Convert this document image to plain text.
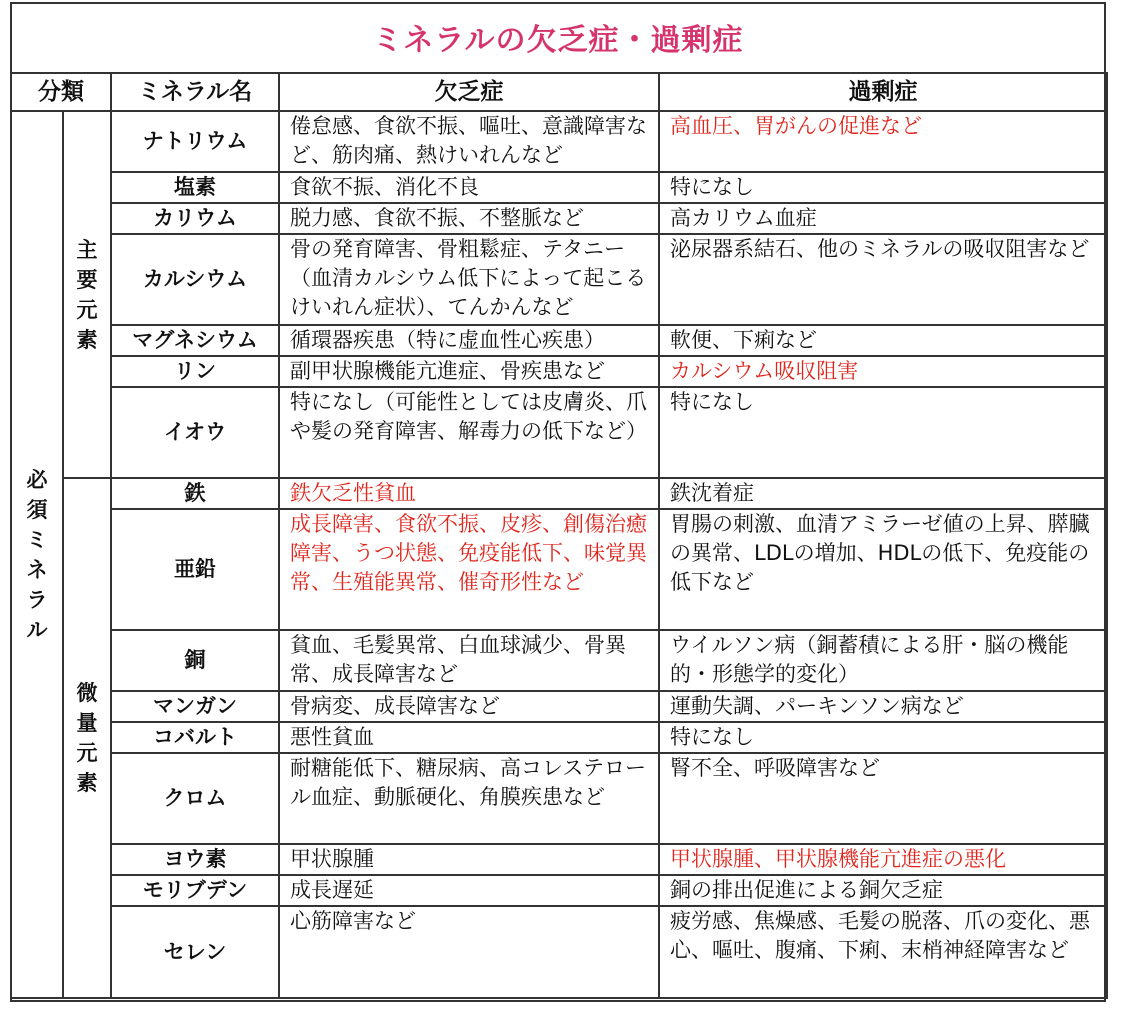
ミネラルの欠乏症・過剰症
分類		ミネラル名	欠乏症	過剰症
必須ミネラル	主要元素	ナトリウム	倦怠感、食欲不振、嘔吐、意識障害など、筋肉痛、熱けいれんなど	高血圧、胃がんの促進など
		塩素	食欲不振、消化不良	特になし
		カリウム	脱力感、食欲不振、不整脈など	高カリウム血症
		カルシウム	骨の発育障害、骨粗鬆症、テタニー（血清カルシウム低下によって起こるけいれん症状）、てんかんなど	泌尿器系結石、他のミネラルの吸収阻害など
		マグネシウム	循環器疾患（特に虚血性心疾患）	軟便、下痢など
		リン	副甲状腺機能亢進症、骨疾患など	カルシウム吸収阻害
		イオウ	特になし（可能性としては皮膚炎、爪や髪の発育障害、解毒力の低下など）	特になし
	微量元素	鉄	鉄欠乏性貧血	鉄沈着症
		亜鉛	成長障害、食欲不振、皮疹、創傷治癒障害、うつ状態、免疫能低下、味覚異常、生殖能異常、催奇形性など	胃腸の刺激、血清アミラーゼ値の上昇、膵臓の異常、LDLの増加、HDLの低下、免疫能の低下など
		銅	貧血、毛髪異常、白血球減少、骨異常、成長障害など	ウイルソン病（銅蓄積による肝・脳の機能的・形態学的変化）
		マンガン	骨病変、成長障害など	運動失調、パーキンソン病など
		コバルト	悪性貧血	特になし
		クロム	耐糖能低下、糖尿病、高コレステロール血症、動脈硬化、角膜疾患など	腎不全、呼吸障害など
		ヨウ素	甲状腺腫	甲状腺腫、甲状腺機能亢進症の悪化
		モリブデン	成長遅延	銅の排出促進による銅欠乏症
		セレン	心筋障害など	疲労感、焦燥感、毛髪の脱落、爪の変化、悪心、嘔吐、腹痛、下痢、末梢神経障害など
